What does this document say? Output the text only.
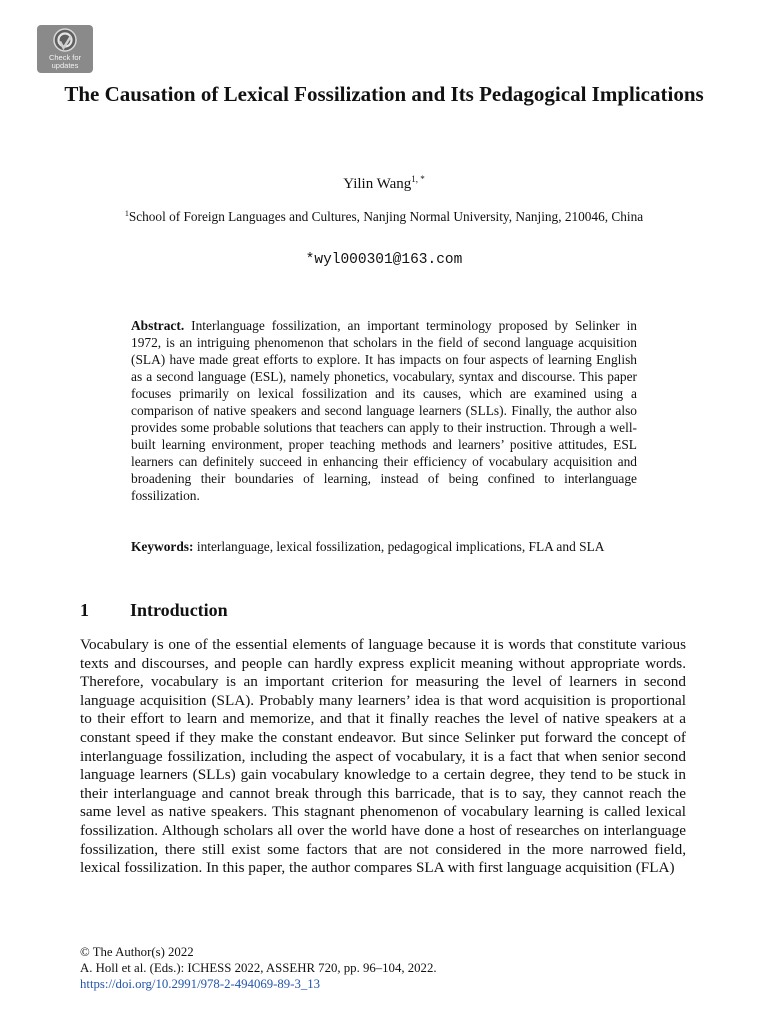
Check for updates
The Causation of Lexical Fossilization and Its Pedagogical Implications
Yilin Wang$^{1, *}$
$^1$School of Foreign Languages and Cultures, Nanjing Normal University, Nanjing, 210046, China
*wyl000301@163.com

Abstract. Interlanguage fossilization, an important terminology proposed by Selinker in 1972, is an intriguing phenomenon that scholars in the field of second language acquisition (SLA) have made great efforts to explore. It has impacts on four aspects of learning English as a second language (ESL), namely phonetics, vocabulary, syntax and discourse. This paper focuses primarily on lexical fossilization and its causes, which are examined using a comparison of native speakers and second language learners (SLLs). Finally, the author also provides some probable solutions that teachers can apply to their instruction. Through a well-built learning environment, proper teaching methods and learners’ positive attitudes, ESL learners can definitely succeed in enhancing their efficiency of vocabulary acquisition and broadening their boundaries of learning, instead of being confined to interlanguage fossilization.

Keywords: interlanguage, lexical fossilization, pedagogical implications, FLA and SLA

1 Introduction

Vocabulary is one of the essential elements of language because it is words that constitute various texts and discourses, and people can hardly express explicit meaning without appropriate words. Therefore, vocabulary is an important criterion for measuring the level of learners in second language acquisition (SLA). Probably many learners’ idea is that word acquisition is proportional to their effort to learn and memorize, and that it finally reaches the level of native speakers at a constant speed if they make the constant endeavor. But since Selinker put forward the concept of interlanguage fossilization, including the aspect of vocabulary, it is a fact that when senior second language learners (SLLs) gain vocabulary knowledge to a certain degree, they tend to be stuck in their interlanguage and cannot break through this barricade, that is to say, they cannot reach the same level as native speakers. This stagnant phenomenon of vocabulary learning is called lexical fossilization. Although scholars all over the world have done a host of researches on interlanguage fossilization, there still exist some factors that are not considered in the more narrowed field, lexical fossilization. In this paper, the author compares SLA with first language acquisition (FLA)

© The Author(s) 2022
A. Holl et al. (Eds.): ICHESS 2022, ASSEHR 720, pp. 96–104, 2022.
https://doi.org/10.2991/978-2-494069-89-3_13
